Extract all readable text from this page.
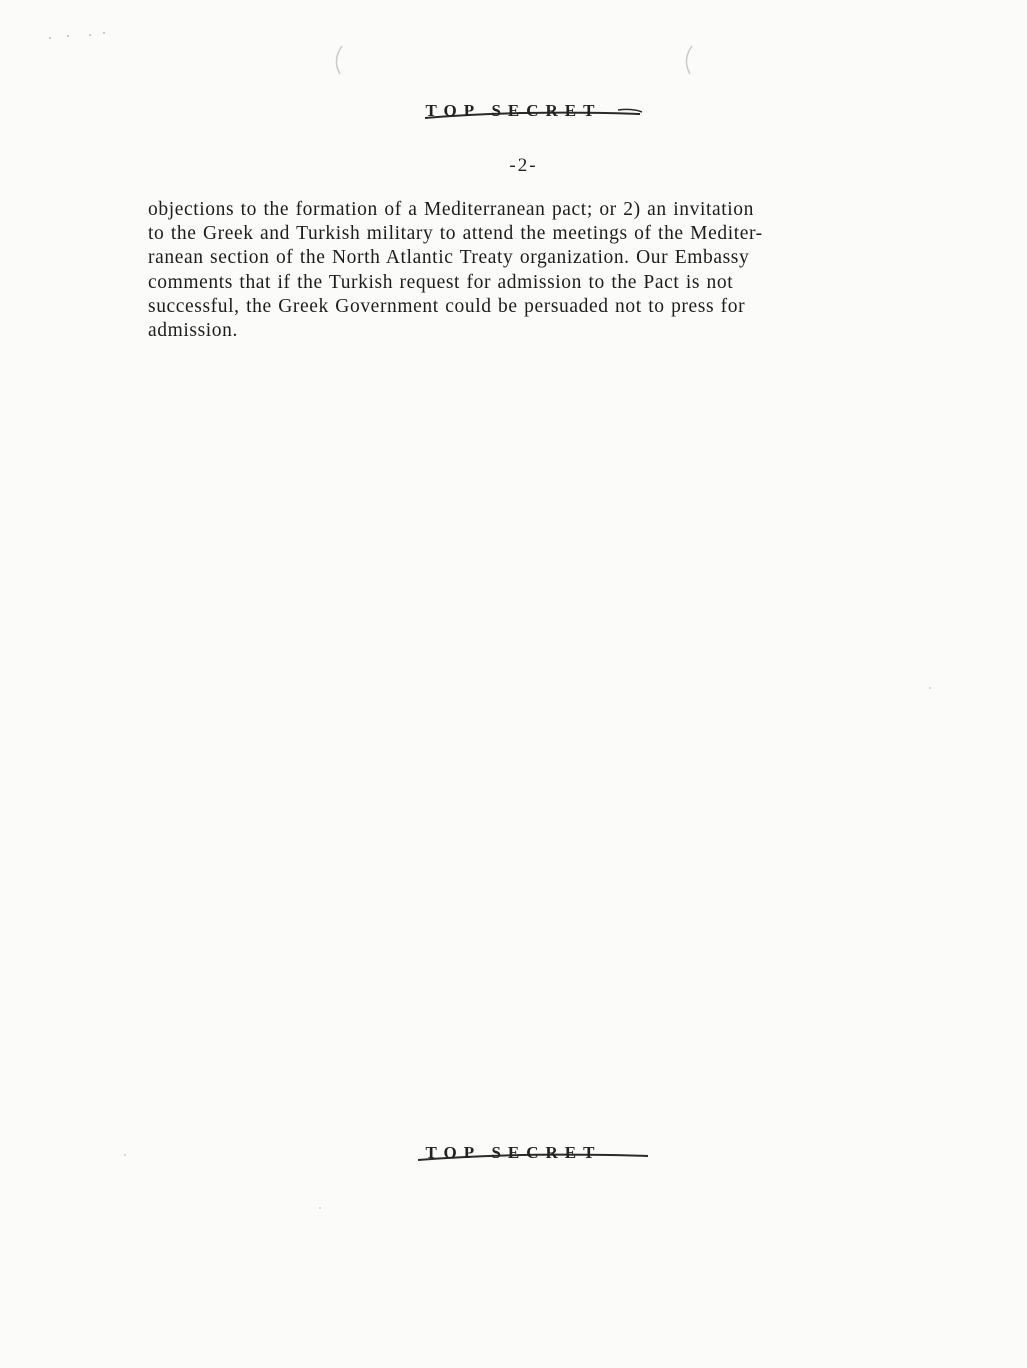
TOP SECRET
-2-
objections to the formation of a Mediterranean pact; or 2) an invitation
to the Greek and Turkish military to attend the meetings of the Mediter-
ranean section of the North Atlantic Treaty organization. Our Embassy
comments that if the Turkish request for admission to the Pact is not
successful, the Greek Government could be persuaded not to press for
admission.
TOP SECRET
